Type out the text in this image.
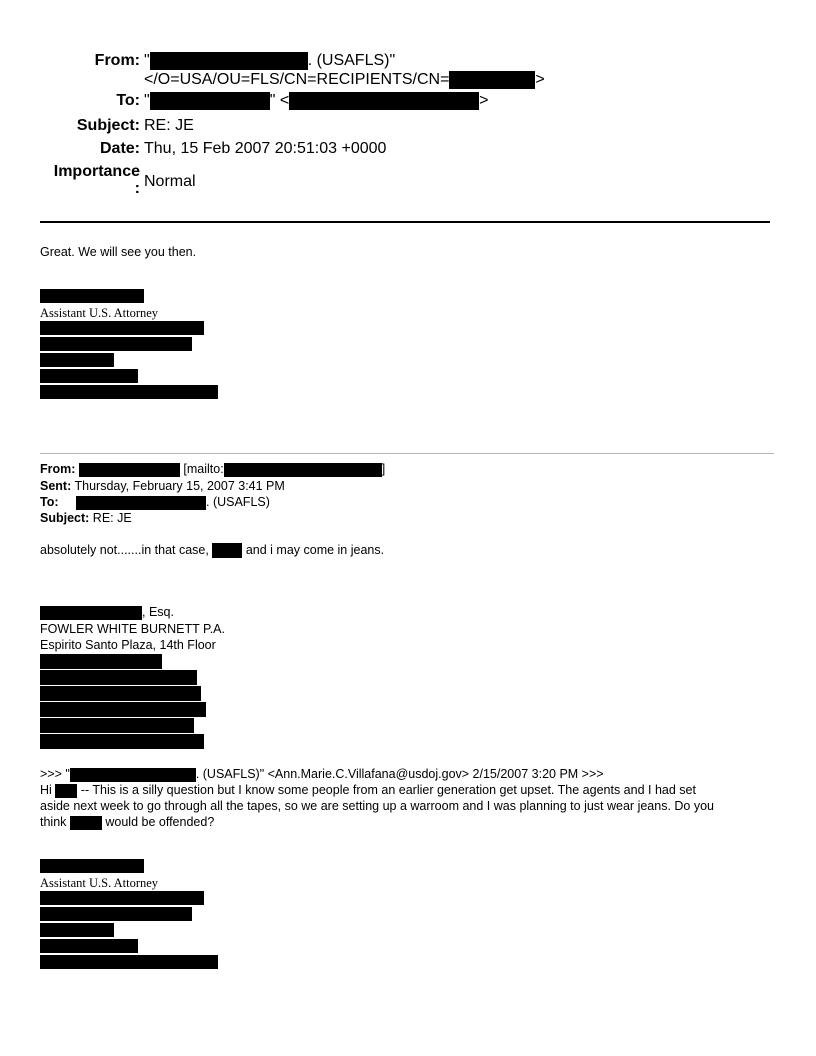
From: "	. (USAFLS)"
</O=USA/OU=FLS/CN=RECIPIENTS/CN=	>
To: "	" <	>
Subject: RE: JE
Date: Thu, 15 Feb 2007 20:51:03 +0000
Importance
: Normal
Great. We will see you then.
Assistant U.S. Attorney
From:	[mailto:	]
Sent: Thursday, February 15, 2007 3:41 PM
To:	. (USAFLS)
Subject: RE: JE
absolutely not.......in that case,	and i may come in jeans.
, Esq.
FOWLER WHITE BURNETT P.A.
Espirito Santo Plaza, 14th Floor
>>> "	. (USAFLS)" <Ann.Marie.C.Villafana@usdoj.gov> 2/15/2007 3:20 PM >>>
Hi -- This is a silly question but I know some people from an earlier generation get upset. The agents and I had set
aside next week to go through all the tapes, so we are setting up a warroom and I was planning to just wear jeans. Do you
think	would be offended?
Assistant U.S. Attorney
